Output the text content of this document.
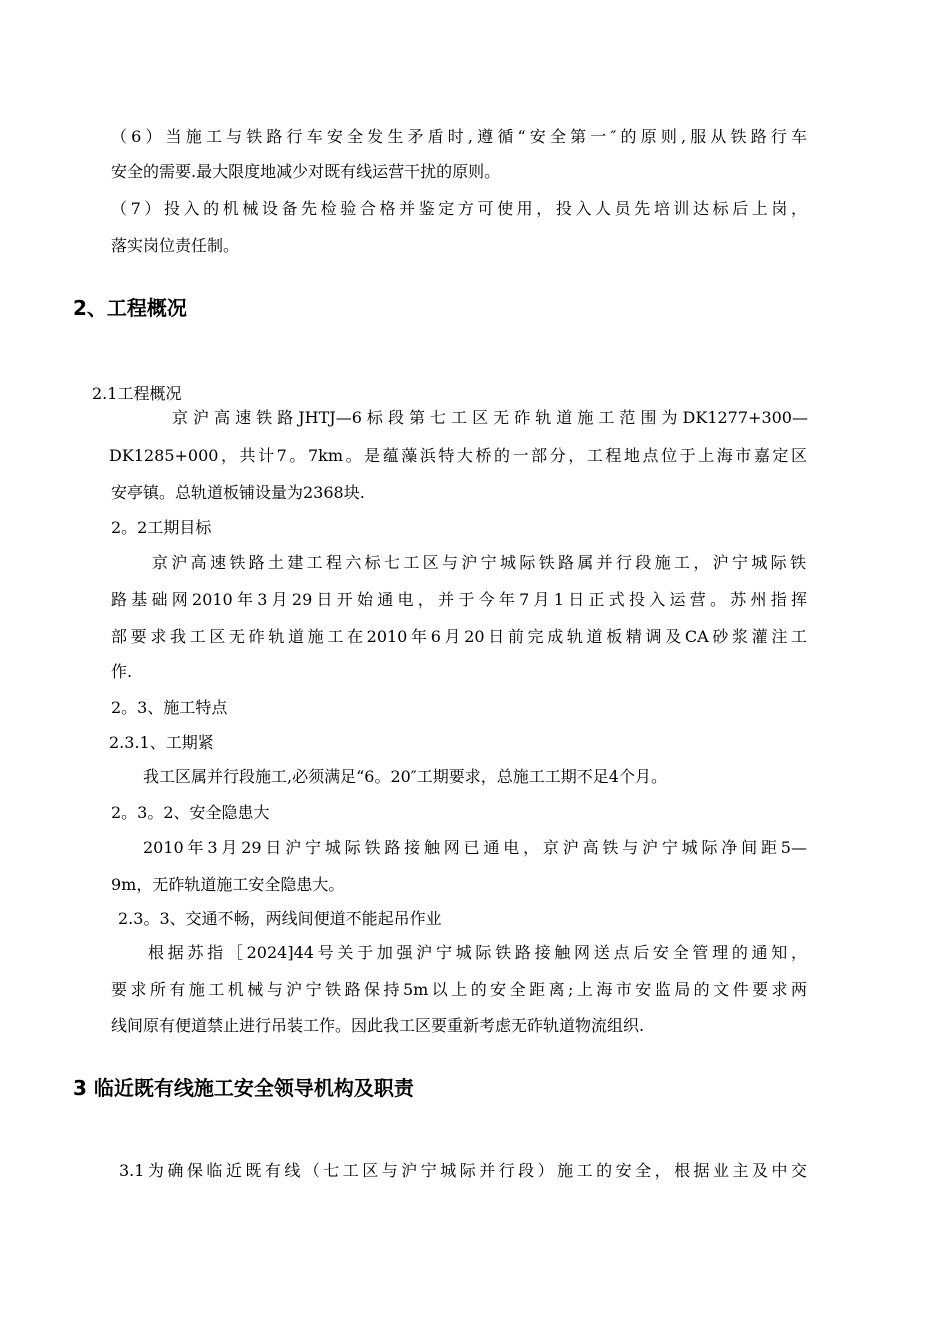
（6）当施工与铁路行车安全发生矛盾时,遵循“安全第一″的原则,服从铁路行车
安全的需要.最大限度地减少对既有线运营干扰的原则。
（7）投入的机械设备先检验合格并鉴定方可使用，投入人员先培训达标后上岗，
落实岗位责任制。
2、工程概况
2.1工程概况
京沪高速铁路JHTJ—6标段第七工区无砟轨道施工范围为DK1277+300—
DK1285+000，共计7。7km。是蕴藻浜特大桥的一部分，工程地点位于上海市嘉定区
安亭镇。总轨道板铺设量为2368块.
2。2工期目标
京沪高速铁路土建工程六标七工区与沪宁城际铁路属并行段施工，沪宁城际铁
路基础网2010年3月29日开始通电，并于今年7月1日正式投入运营。苏州指挥
部要求我工区无砟轨道施工在2010年6月20日前完成轨道板精调及CA砂浆灌注工
作.
2。3、施工特点
2.3.1、工期紧
我工区属并行段施工,必须满足“6。20″工期要求，总施工工期不足4个月。
2。3。2、安全隐患大
2010年3月29日沪宁城际铁路接触网已通电，京沪高铁与沪宁城际净间距5—
9m，无砟轨道施工安全隐患大。
2.3。3、交通不畅，两线间便道不能起吊作业
根据苏指［2024]44号关于加强沪宁城际铁路接触网送点后安全管理的通知，
要求所有施工机械与沪宁铁路保持5m以上的安全距离;上海市安监局的文件要求两
线间原有便道禁止进行吊装工作。因此我工区要重新考虑无砟轨道物流组织.
3 临近既有线施工安全领导机构及职责
3.1为确保临近既有线（七工区与沪宁城际并行段）施工的安全，根据业主及中交
